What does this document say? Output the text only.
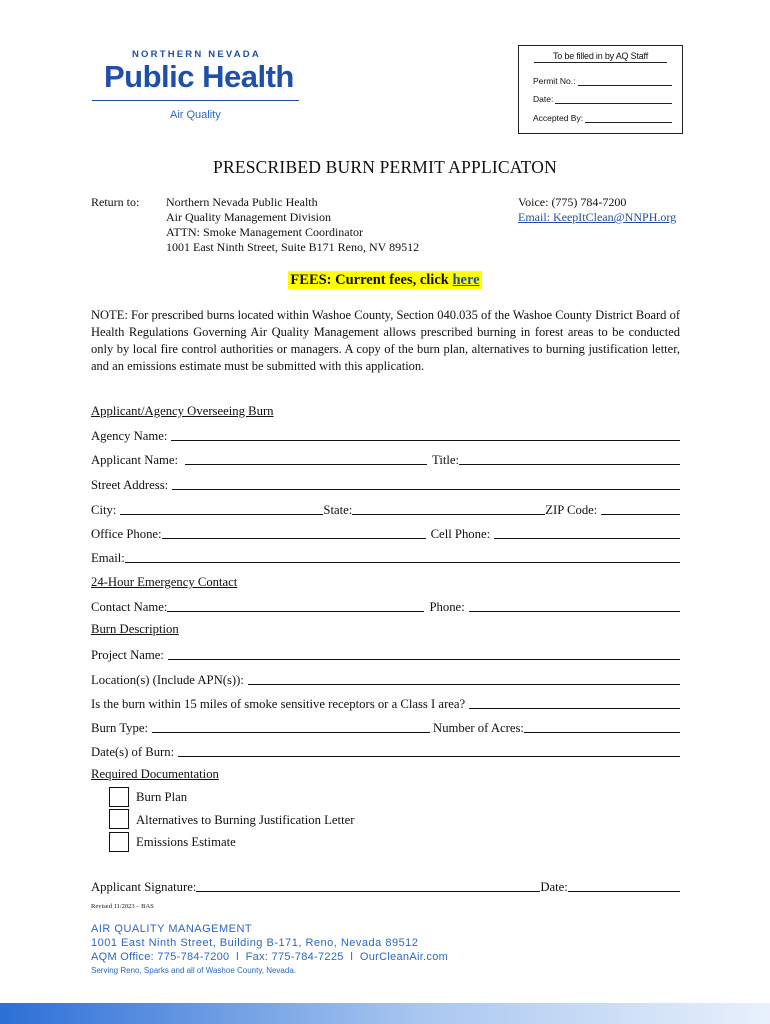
NORTHERN NEVADA
Public Health
Air Quality
To be filled in by AQ Staff
Permit No.:
Date:
Accepted By:
PRESCRIBED BURN PERMIT APPLICATON
Return to: Northern Nevada Public Health
Air Quality Management Division
ATTN: Smoke Management Coordinator
1001 East Ninth Street, Suite B171 Reno, NV 89512
Voice: (775) 784-7200
Email: KeepItClean@NNPH.org
FEES: Current fees, click here
NOTE: For prescribed burns located within Washoe County, Section 040.035 of the Washoe County District Board of Health Regulations Governing Air Quality Management allows prescribed burning in forest areas to be conducted only by local fire control authorities or managers. A copy of the burn plan, alternatives to burning justification letter, and an emissions estimate must be submitted with this application.
Applicant/Agency Overseeing Burn
Agency Name:
Applicant Name:	Title:
Street Address:
City:	State:	ZIP Code:
Office Phone:	Cell Phone:
Email:
24-Hour Emergency Contact
Contact Name:	Phone:
Burn Description
Project Name:
Location(s) (Include APN(s)):
Is the burn within 15 miles of smoke sensitive receptors or a Class I area?
Burn Type:	Number of Acres:
Date(s) of Burn:
Required Documentation
Burn Plan
Alternatives to Burning Justification Letter
Emissions Estimate
Applicant Signature:	Date:
Revised 11/2023 – BAS
AIR QUALITY MANAGEMENT
1001 East Ninth Street, Building B-171, Reno, Nevada 89512
AQM Office: 775-784-7200  l  Fax: 775-784-7225  l  OurCleanAir.com
Serving Reno, Sparks and all of Washoe County, Nevada.
